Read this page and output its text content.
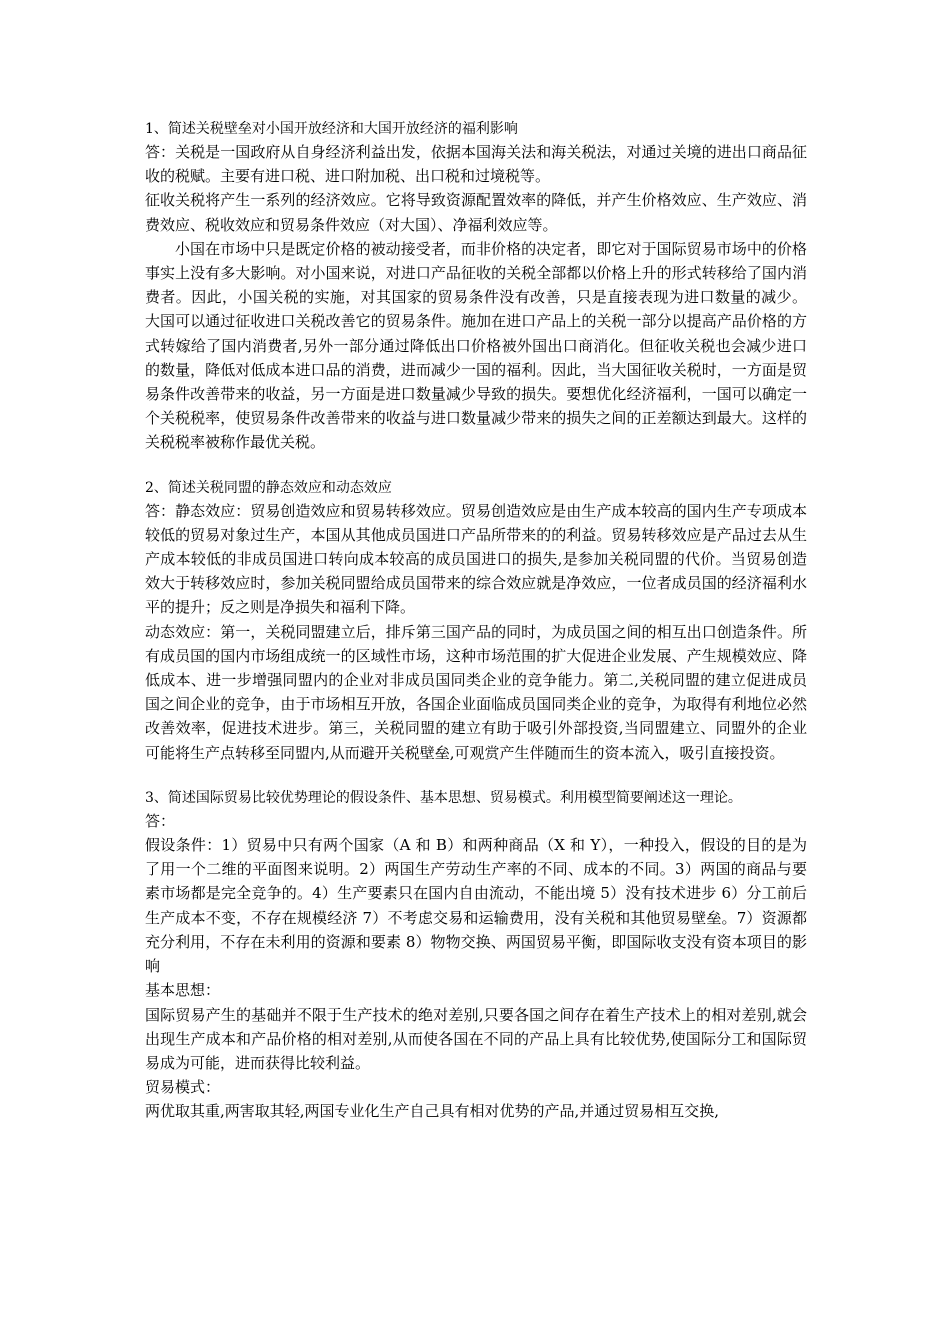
1、简述关税壁垒对小国开放经济和大国开放经济的福利影响

答：关税是一国政府从自身经济利益出发，依据本国海关法和海关税法，对通过关境的进出口商品征收的税赋。主要有进口税、进口附加税、出口税和过境税等。

征收关税将产生一系列的经济效应。它将导致资源配置效率的降低，并产生价格效应、生产效应、消费效应、税收效应和贸易条件效应（对大国）、净福利效应等。

小国在市场中只是既定价格的被动接受者，而非价格的决定者，即它对于国际贸易市场中的价格事实上没有多大影响。对小国来说，对进口产品征收的关税全部都以价格上升的形式转移给了国内消费者。因此，小国关税的实施，对其国家的贸易条件没有改善，只是直接表现为进口数量的减少。 大国可以通过征收进口关税改善它的贸易条件。施加在进口产品上的关税一部分以提高产品价格的方式转嫁给了国内消费者,另外一部分通过降低出口价格被外国出口商消化。但征收关税也会减少进口的数量，降低对低成本进口品的消费，进而减少一国的福利。因此，当大国征收关税时，一方面是贸易条件改善带来的收益，另一方面是进口数量减少导致的损失。要想优化经济福利，一国可以确定一个关税税率，使贸易条件改善带来的收益与进口数量减少带来的损失之间的正差额达到最大。这样的关税税率被称作最优关税。

2、简述关税同盟的静态效应和动态效应

答：静态效应：贸易创造效应和贸易转移效应。贸易创造效应是由生产成本较高的国内生产专项成本较低的贸易对象过生产，本国从其他成员国进口产品所带来的的利益。贸易转移效应是产品过去从生产成本较低的非成员国进口转向成本较高的成员国进口的损失,是参加关税同盟的代价。当贸易创造效大于转移效应时，参加关税同盟给成员国带来的综合效应就是净效应，一位者成员国的经济福利水平的提升；反之则是净损失和福利下降。

动态效应：第一，关税同盟建立后，排斥第三国产品的同时，为成员国之间的相互出口创造条件。所有成员国的国内市场组成统一的区域性市场，这种市场范围的扩大促进企业发展、产生规模效应、降低成本、进一步增强同盟内的企业对非成员国同类企业的竞争能力。第二,关税同盟的建立促进成员国之间企业的竞争，由于市场相互开放，各国企业面临成员国同类企业的竞争，为取得有利地位必然改善效率，促进技术进步。第三，关税同盟的建立有助于吸引外部投资,当同盟建立、同盟外的企业可能将生产点转移至同盟内,从而避开关税壁垒,可观赏产生伴随而生的资本流入，吸引直接投资。

3、简述国际贸易比较优势理论的假设条件、基本思想、贸易模式。利用模型简要阐述这一理论。

答：

假设条件：1）贸易中只有两个国家（A 和 B）和两种商品（X 和 Y），一种投入，假设的目的是为了用一个二维的平面图来说明。2）两国生产劳动生产率的不同、成本的不同。3）两国的商品与要素市场都是完全竞争的。4）生产要素只在国内自由流动，不能出境 5）没有技术进步 6）分工前后生产成本不变，不存在规模经济 7）不考虑交易和运输费用，没有关税和其他贸易壁垒。7）资源都充分利用，不存在未利用的资源和要素 8）物物交换、两国贸易平衡，即国际收支没有资本项目的影响

基本思想：

国际贸易产生的基础并不限于生产技术的绝对差别,只要各国之间存在着生产技术上的相对差别,就会出现生产成本和产品价格的相对差别,从而使各国在不同的产品上具有比较优势,使国际分工和国际贸易成为可能，进而获得比较利益。

贸易模式：

两优取其重,两害取其轻,两国专业化生产自己具有相对优势的产品,并通过贸易相互交换,
